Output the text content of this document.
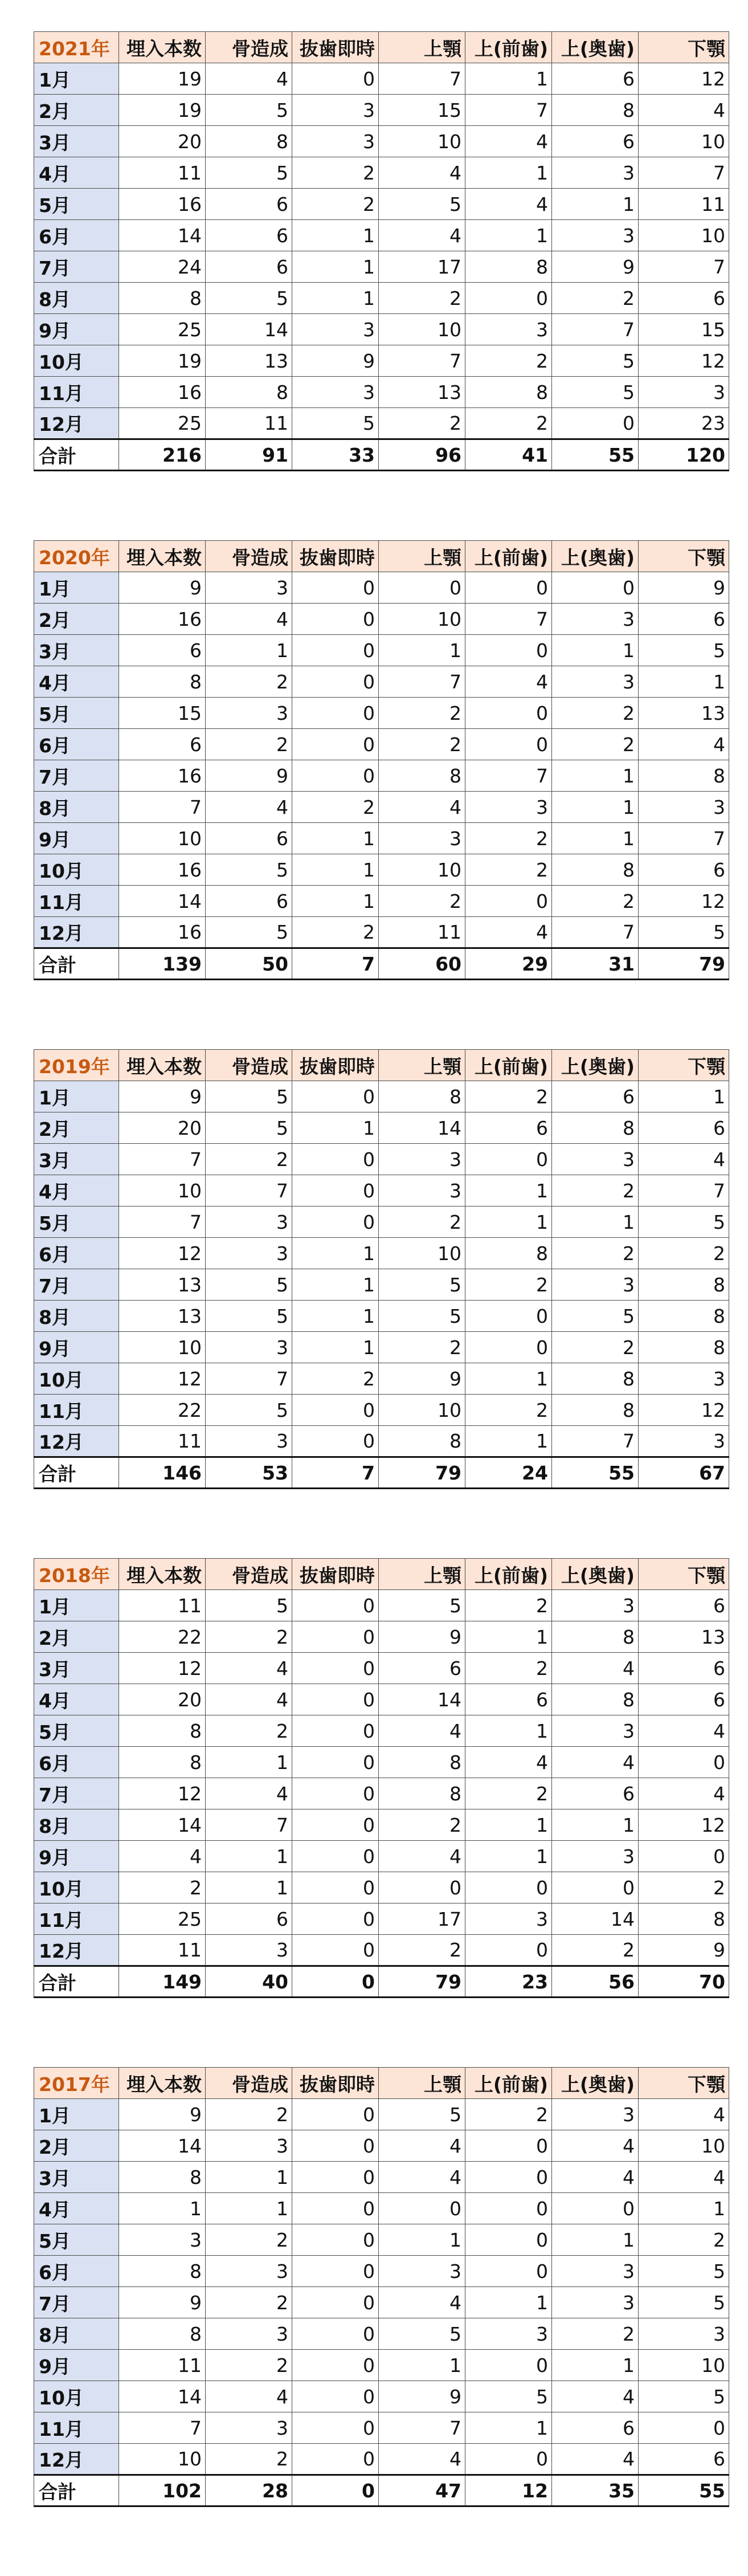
2021年	埋入本数	骨造成	抜歯即時	上顎	上(前歯)	上(奥歯)	下顎
1月	19	4	0	7	1	6	12
2月	19	5	3	15	7	8	4
3月	20	8	3	10	4	6	10
4月	11	5	2	4	1	3	7
5月	16	6	2	5	4	1	11
6月	14	6	1	4	1	3	10
7月	24	6	1	17	8	9	7
8月	8	5	1	2	0	2	6
9月	25	14	3	10	3	7	15
10月	19	13	9	7	2	5	12
11月	16	8	3	13	8	5	3
12月	25	11	5	2	2	0	23
合計	216	91	33	96	41	55	120
2020年	埋入本数	骨造成	抜歯即時	上顎	上(前歯)	上(奥歯)	下顎
1月	9	3	0	0	0	0	9
2月	16	4	0	10	7	3	6
3月	6	1	0	1	0	1	5
4月	8	2	0	7	4	3	1
5月	15	3	0	2	0	2	13
6月	6	2	0	2	0	2	4
7月	16	9	0	8	7	1	8
8月	7	4	2	4	3	1	3
9月	10	6	1	3	2	1	7
10月	16	5	1	10	2	8	6
11月	14	6	1	2	0	2	12
12月	16	5	2	11	4	7	5
合計	139	50	7	60	29	31	79
2019年	埋入本数	骨造成	抜歯即時	上顎	上(前歯)	上(奥歯)	下顎
1月	9	5	0	8	2	6	1
2月	20	5	1	14	6	8	6
3月	7	2	0	3	0	3	4
4月	10	7	0	3	1	2	7
5月	7	3	0	2	1	1	5
6月	12	3	1	10	8	2	2
7月	13	5	1	5	2	3	8
8月	13	5	1	5	0	5	8
9月	10	3	1	2	0	2	8
10月	12	7	2	9	1	8	3
11月	22	5	0	10	2	8	12
12月	11	3	0	8	1	7	3
合計	146	53	7	79	24	55	67
2018年	埋入本数	骨造成	抜歯即時	上顎	上(前歯)	上(奥歯)	下顎
1月	11	5	0	5	2	3	6
2月	22	2	0	9	1	8	13
3月	12	4	0	6	2	4	6
4月	20	4	0	14	6	8	6
5月	8	2	0	4	1	3	4
6月	8	1	0	8	4	4	0
7月	12	4	0	8	2	6	4
8月	14	7	0	2	1	1	12
9月	4	1	0	4	1	3	0
10月	2	1	0	0	0	0	2
11月	25	6	0	17	3	14	8
12月	11	3	0	2	0	2	9
合計	149	40	0	79	23	56	70
2017年	埋入本数	骨造成	抜歯即時	上顎	上(前歯)	上(奥歯)	下顎
1月	9	2	0	5	2	3	4
2月	14	3	0	4	0	4	10
3月	8	1	0	4	0	4	4
4月	1	1	0	0	0	0	1
5月	3	2	0	1	0	1	2
6月	8	3	0	3	0	3	5
7月	9	2	0	4	1	3	5
8月	8	3	0	5	3	2	3
9月	11	2	0	1	0	1	10
10月	14	4	0	9	5	4	5
11月	7	3	0	7	1	6	0
12月	10	2	0	4	0	4	6
合計	102	28	0	47	12	35	55
